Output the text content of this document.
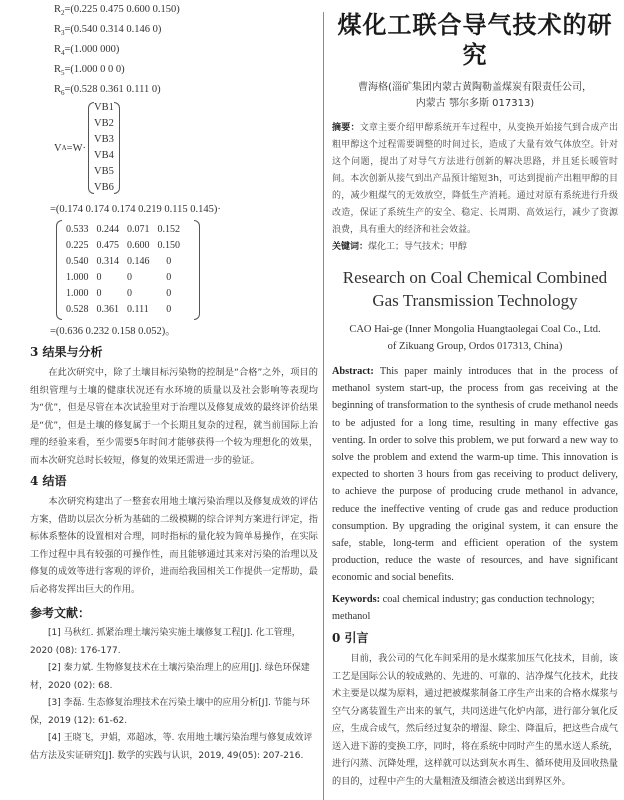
$R_2=(0.225$ 0.475 0.600 0.150)
$R_3=(0.540$ 0.314 0.146 0)
$R_4=(1.000$ 000)
$R_5=(1.000$ 0 0 0)
$R_6=(0.528$ 0.361 0.111 0)
V A =W·
VB1
VB2
VB3
VB4
VB5
VB6
=(0.174 0.174 0.174 0.219 0.115 0.145)·
0.533	0.244	0.071	0.152
0.225	0.475	0.600	0.150
0.540	0.314	0.146	0
1.000	0	0	0
1.000	0	0	0
0.528	0.361	0.111	0
=(0.636 0.232 0.158 0.052)。
3 结果与分析
在此次研究中，除了土壤目标污染物的控制是“合格”之外，项目的组织管理与土壤的健康状况还有水环境的质量以及社会影响等表现均为“优”，但是尽管在本次试验里对于治理以及修复成效的最终评价结果是“优”，但是土壤的修复属于一个长期且复杂的过程，就当前国际上治理的经验来看，至少需要5年时间才能够获得一个较为理想化的效果，而本次研究总时长较短，修复的效果还需进一步的验证。
4 结语
本次研究构建出了一整套农用地土壤污染治理以及修复成效的评估方案，借助以层次分析为基础的二级模糊的综合评判方案进行评定，指标体系整体的设置相对合理，同时指标的量化较为简单易操作，在实际工作过程中具有较强的可操作性，而且能够通过其来对污染的治理以及修复的成效等进行客观的评价，进而给我国相关工作提供一定帮助，最后必将发挥出巨大的作用。
参考文献：
[1] 马秋红. 抓紧治理土壤污染实施土壤修复工程[J]. 化工管理，2020 (08): 176-177.
[2] 秦力斌. 生物修复技术在土壤污染治理上的应用[J]. 绿色环保建材，2020 (02): 68.
[3] 李磊. 生态修复治理技术在污染土壤中的应用分析[J]. 节能与环保，2019 (12): 61-62.
[4] 王晓飞，尹娟，邓超冰，等. 农用地土壤污染治理与修复成效评估方法及实证研究[J]. 数学的实践与认识，2019, 49(05): 207-216.
煤化工联合导气技术的研究
曹海格(淄矿集团内蒙古黄陶勒盖煤炭有限责任公司，
内蒙古 鄂尔多斯 017313)
摘要：文章主要介绍甲醇系统开车过程中，从变换开始接气到合成产出粗甲醇这个过程需要调整的时间过长，造成了大量有效气体放空。针对这个问题，提出了对导气方法进行创新的解决思路，并且延长暖管时间。本次创新从接气到出产品预计缩短3h，可达到提前产出粗甲醇的目的，减少粗煤气的无效放空，降低生产消耗。通过对原有系统进行升级改造，保证了系统生产的安全、稳定、长周期、高效运行，减少了资源浪费，具有重大的经济和社会效益。
关键词：煤化工；导气技术；甲醇
Research on Coal Chemical Combined
Gas Transmission Technology
CAO Hai-ge (Inner Mongolia Huangtaolegai Coal Co., Ltd.
of Zikuang Group, Ordos 017313, China)
Abstract: This paper mainly introduces that in the process of methanol system start-up, the process from gas receiving at the beginning of transformation to the synthesis of crude methanol needs to be adjusted for a long time, resulting in many effective gas venting. In order to solve this problem, we put forward a new way to solve the problem and extend the warm-up time. This innovation is expected to shorten 3 hours from gas receiving to product delivery, to achieve the purpose of producing crude methanol in advance, reduce the ineffective venting of crude gas and reduce production consumption. By upgrading the original system, it can ensure the safe, stable, long-term and efficient operation of the system production, reduce the waste of resources, and have significant economic and social benefits.
Keywords: coal chemical industry; gas conduction technology; methanol
0 引言
目前，我公司的气化车间采用的是水煤浆加压气化技术，目前，该工艺是国际公认的较成熟的、先进的、可靠的、洁净煤气化技术，此技术主要是以煤为原料，通过把被煤浆制备工序生产出来的合格水煤浆与空气分离装置生产出来的氧气，共同送进气化炉内部，进行部分氧化反应，生成合成气，然后经过复杂的增湿、除尘、降温后，把这些合成气送入进下游的变换工序，同时，将在系统中同时产生的黑水送人系统，进行闪蒸、沉降处理，这样就可以达到灰水再生、循环使用及回收热量的目的，过程中产生的大量粗渣及细渣会被送出到界区外。
